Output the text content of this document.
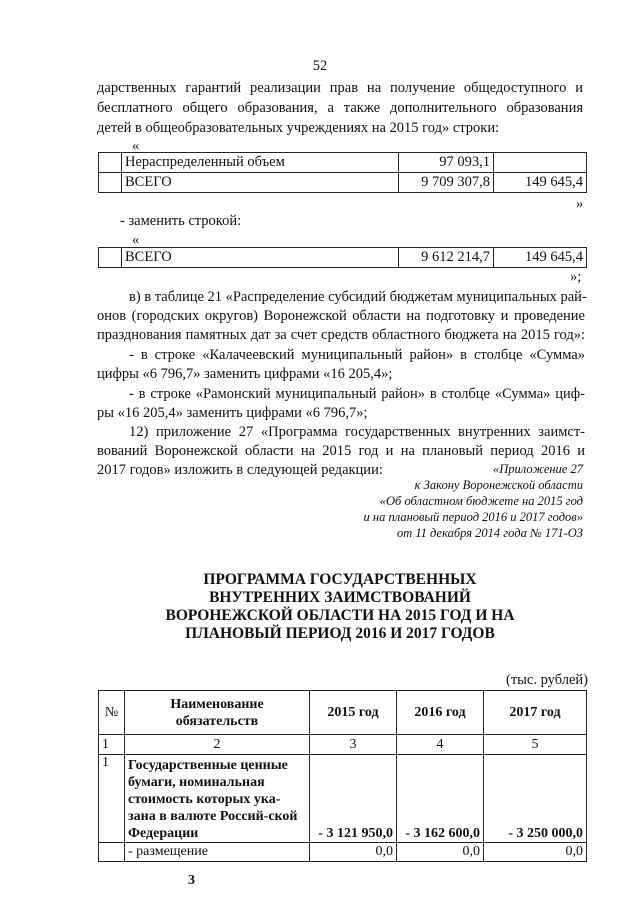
52
дарственных гарантий реализации прав на получение общедоступного и
бесплатного общего образования, а также дополнительного образования
детей в общеобразовательных учреждениях на 2015 год» строки:
«
	Нераспределенный объем	97 093,1	
	ВСЕГО	9 709 307,8	149 645,4
»
- заменить строкой:
«
	ВСЕГО	9 612 214,7	149 645,4
»;
в) в таблице 21 «Распределение субсидий бюджетам муниципальных рай-
онов (городских округов) Воронежской области на подготовку и проведение
празднования памятных дат за счет средств областного бюджета на 2015 год»:
- в строке «Калачеевский муниципальный район» в столбце «Сумма»
цифры «6 796,7» заменить цифрами «16 205,4»;
- в строке «Рамонский муниципальный район» в столбце «Сумма» циф-
ры «16 205,4» заменить цифрами «6 796,7»;
12) приложение 27 «Программа государственных внутренних заимст-
вований Воронежской области на 2015 год и на плановый период 2016 и
2017 годов» изложить в следующей редакции:	«Приложение 27
к Закону Воронежской области
«Об областном бюджете на 2015 год
и на плановый период 2016 и 2017 годов»
от 11 декабря 2014 года № 171-ОЗ
ПРОГРАММА ГОСУДАРСТВЕННЫХ
ВНУТРЕННИХ ЗАИМСТВОВАНИЙ
ВОРОНЕЖСКОЙ ОБЛАСТИ НА 2015 ГОД И НА
ПЛАНОВЫЙ ПЕРИОД 2016 И 2017 ГОДОВ
(тыс. рублей)
№	Наименование обязательств	2015 год	2016 год	2017 год
1	2	3	4	5
1	Государственные ценные бумаги, номинальная стоимость которых ука-зана в валюте Россий-ской Федерации	- 3 121 950,0	- 3 162 600,0	- 3 250 000,0
	- размещение	0,0	0,0	0,0
3
